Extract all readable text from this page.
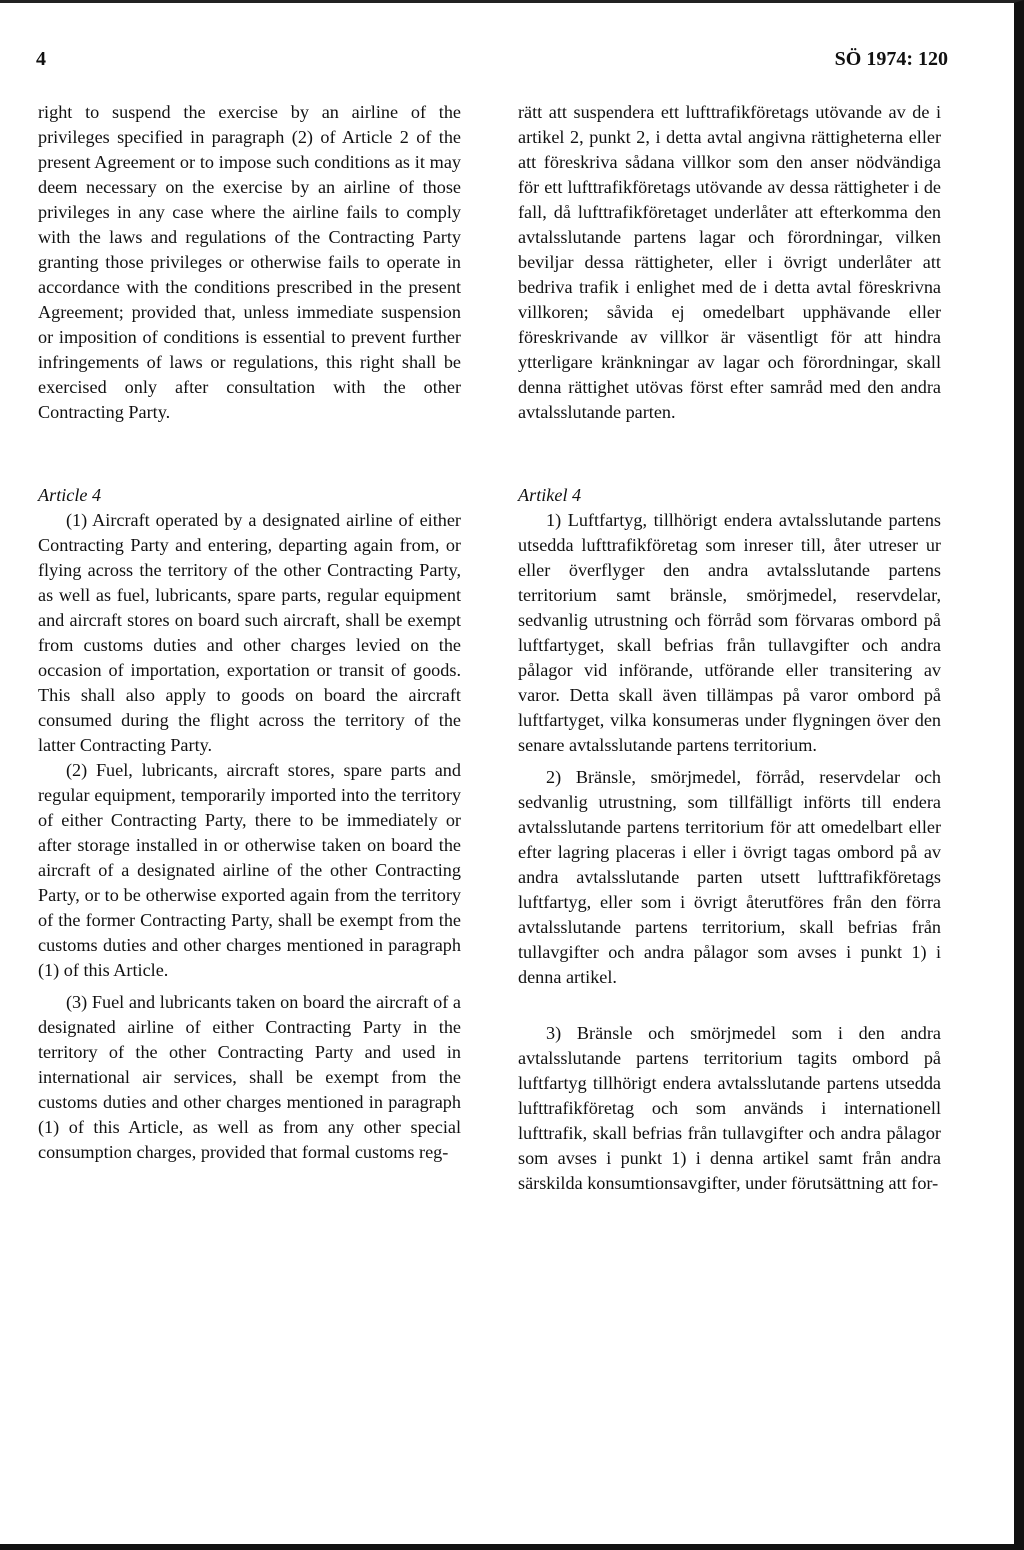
4	SÖ 1974: 120

right to suspend the exercise by an airline of the privileges specified in paragraph (2) of Article 2 of the present Agreement or to impose such conditions as it may deem necessary on the exercise by an airline of those privileges in any case where the airline fails to comply with the laws and regulations of the Contracting Party granting those privileges or otherwise fails to operate in accordance with the conditions prescribed in the present Agreement; provided that, unless immediate suspension or imposition of conditions is essential to prevent further infringements of laws or regulations, this right shall be exercised only after consultation with the other Contracting Party.

Article 4

(1) Aircraft operated by a designated airline of either Contracting Party and entering, departing again from, or flying across the territory of the other Contracting Party, as well as fuel, lubricants, spare parts, regular equipment and aircraft stores on board such aircraft, shall be exempt from customs duties and other charges levied on the occasion of importation, exportation or transit of goods. This shall also apply to goods on board the aircraft consumed during the flight across the territory of the latter Contracting Party.

(2) Fuel, lubricants, aircraft stores, spare parts and regular equipment, temporarily imported into the territory of either Contracting Party, there to be immediately or after storage installed in or otherwise taken on board the aircraft of a designated airline of the other Contracting Party, or to be otherwise exported again from the territory of the former Contracting Party, shall be exempt from the customs duties and other charges mentioned in paragraph (1) of this Article.

(3) Fuel and lubricants taken on board the aircraft of a designated airline of either Contracting Party in the territory of the other Contracting Party and used in international air services, shall be exempt from the customs duties and other charges mentioned in paragraph (1) of this Article, as well as from any other special consumption charges, provided that formal customs reg-

rätt att suspendera ett lufttrafikföretags utövande av de i artikel 2, punkt 2, i detta avtal angivna rättigheterna eller att föreskriva sådana villkor som den anser nödvändiga för ett lufttrafikföretags utövande av dessa rättigheter i de fall, då lufttrafikföretaget underlåter att efterkomma den avtalsslutande partens lagar och förordningar, vilken beviljar dessa rättigheter, eller i övrigt underlåter att bedriva trafik i enlighet med de i detta avtal föreskrivna villkoren; såvida ej omedelbart upphävande eller föreskrivande av villkor är väsentligt för att hindra ytterligare kränkningar av lagar och förordningar, skall denna rättighet utövas först efter samråd med den andra avtalsslutande parten.

Artikel 4

1) Luftfartyg, tillhörigt endera avtalsslutande partens utsedda lufttrafikföretag som inreser till, åter utreser ur eller överflyger den andra avtalsslutande partens territorium samt bränsle, smörjmedel, reservdelar, sedvanlig utrustning och förråd som förvaras ombord på luftfartyget, skall befrias från tullavgifter och andra pålagor vid införande, utförande eller transitering av varor. Detta skall även tillämpas på varor ombord på luftfartyget, vilka konsumeras under flygningen över den senare avtalsslutande partens territorium.

2) Bränsle, smörjmedel, förråd, reservdelar och sedvanlig utrustning, som tillfälligt införts till endera avtalsslutande partens territorium för att omedelbart eller efter lagring placeras i eller i övrigt tagas ombord på av andra avtalsslutande parten utsett lufttrafikföretags luftfartyg, eller som i övrigt återutföres från den förra avtalsslutande partens territorium, skall befrias från tullavgifter och andra pålagor som avses i punkt 1) i denna artikel.

3) Bränsle och smörjmedel som i den andra avtalsslutande partens territorium tagits ombord på luftfartyg tillhörigt endera avtalsslutande partens utsedda lufttrafikföretag och som används i internationell lufttrafik, skall befrias från tullavgifter och andra pålagor som avses i punkt 1) i denna artikel samt från andra särskilda konsumtionsavgifter, under förutsättning att for-
